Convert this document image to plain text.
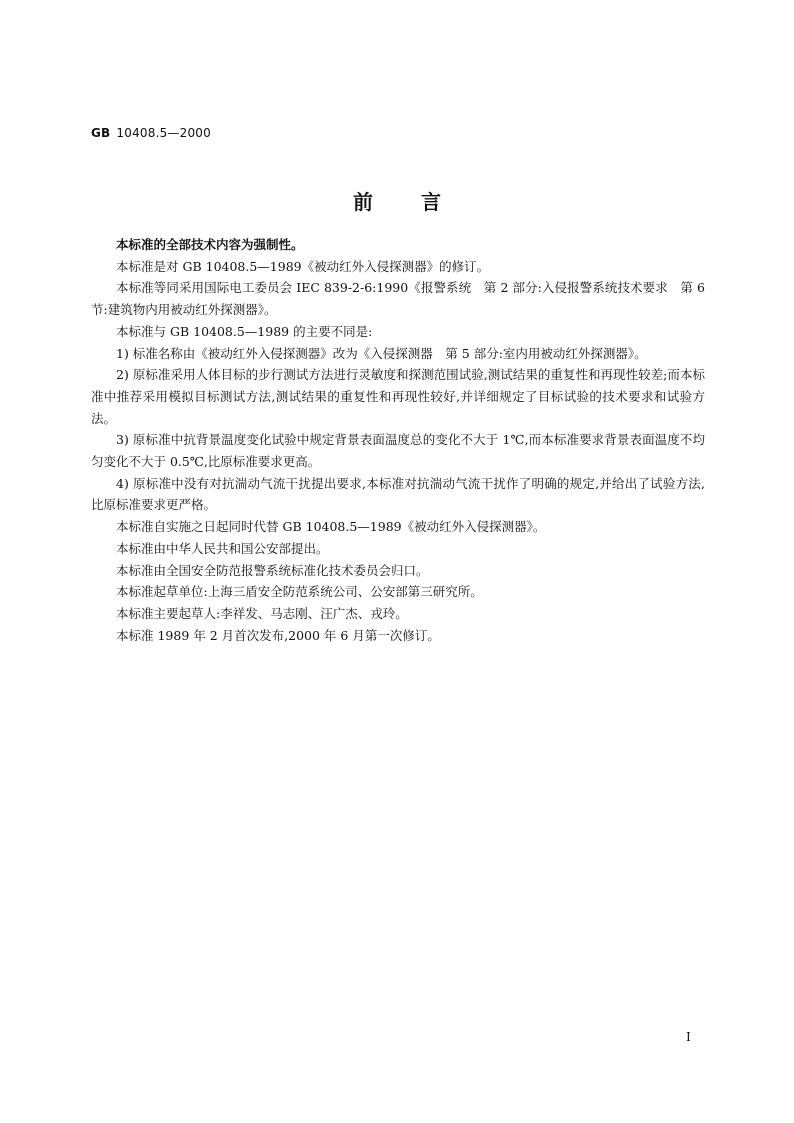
GB 10408.5—2000
前言

本标准的全部技术内容为强制性。

本标准是对 GB 10408.5—1989《被动红外入侵探测器》的修订。

本标准等同采用国际电工委员会 IEC 839-2-6:1990《报警系统　第 2 部分:入侵报警系统技术要求　第 6 节:建筑物内用被动红外探测器》。

本标准与 GB 10408.5—1989 的主要不同是:

1) 标准名称由《被动红外入侵探测器》改为《入侵探测器　第 5 部分:室内用被动红外探测器》。

2) 原标准采用人体目标的步行测试方法进行灵敏度和探测范围试验,测试结果的重复性和再现性较差;而本标准中推荐采用模拟目标测试方法,测试结果的重复性和再现性较好,并详细规定了目标试验的技术要求和试验方法。

3) 原标准中抗背景温度变化试验中规定背景表面温度总的变化不大于 1℃,而本标准要求背景表面温度不均匀变化不大于 0.5℃,比原标准要求更高。

4) 原标准中没有对抗湍动气流干扰提出要求,本标准对抗湍动气流干扰作了明确的规定,并给出了试验方法,比原标准要求更严格。

本标准自实施之日起同时代替 GB 10408.5—1989《被动红外入侵探测器》。

本标准由中华人民共和国公安部提出。

本标准由全国安全防范报警系统标准化技术委员会归口。

本标准起草单位:上海三盾安全防范系统公司、公安部第三研究所。

本标准主要起草人:李祥发、马志刚、汪广杰、戎玲。

本标准 1989 年 2 月首次发布,2000 年 6 月第一次修订。

I
